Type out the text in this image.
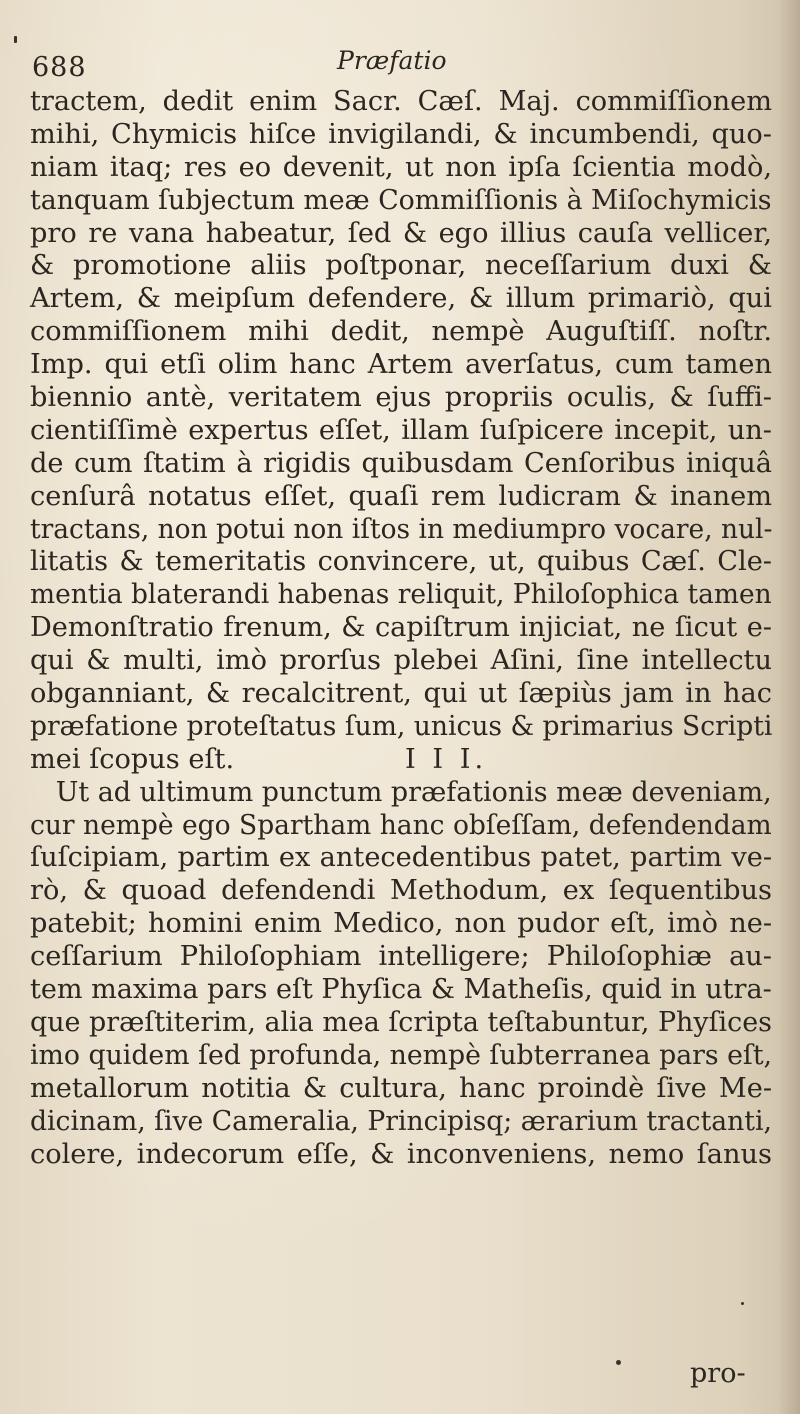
688	Præfatio
tractem, dedit enim Sacr. Cæſ. Maj. commiſſionem
mihi, Chymicis hiſce invigilandi, & incumbendi, quo-
niam itaq; res eo devenit, ut non ipſa ſcientia modò,
tanquam ſubjectum meæ Commiſſionis à Miſochymicis
pro re vana habeatur, ſed & ego illius cauſa vellicer,
& promotione aliis poſtponar, neceſſarium duxi &
Artem, & meipſum defendere, & illum primariò, qui
commiſſionem mihi dedit, nempè Auguſtiſſ. noſtr.
Imp. qui etſi olim hanc Artem averſatus, cum tamen
biennio antè, veritatem ejus propriis oculis, & ſuffi-
cientiſſimè expertus eſſet, illam ſuſpicere incepit, un-
de cum ſtatim à rigidis quibusdam Cenſoribus iniquâ
cenſurâ notatus eſſet, quaſi rem ludicram & inanem
tractans, non potui non iſtos in mediumpro vocare, nul-
litatis & temeritatis convincere, ut, quibus Cæſ. Cle-
mentia blaterandi habenas reliquit, Philoſophica tamen
Demonſtratio frenum, & capiſtrum injiciat, ne ſicut e-
qui & multi, imò prorſus plebei Aſini, ſine intellectu
obganniant, & recalcitrent, qui ut ſæpiùs jam in hac
præfatione proteſtatus ſum, unicus & primarius Scripti
mei ſcopus eſt.	I I I.
Ut ad ultimum punctum præfationis meæ deveniam,
cur nempè ego Spartham hanc obſeſſam, defendendam
ſuſcipiam, partim ex antecedentibus patet, partim ve-
rò, & quoad defendendi Methodum, ex ſequentibus
patebit; homini enim Medico, non pudor eſt, imò ne-
ceſſarium Philoſophiam intelligere; Philoſophiæ au-
tem maxima pars eſt Phyſica & Matheſis, quid in utra-
que præſtiterim, alia mea ſcripta teſtabuntur, Phyſices
imo quidem ſed profunda, nempè ſubterranea pars eſt,
metallorum notitia & cultura, hanc proindè ſive Me-
dicinam, ſive Cameralia, Principisq; ærarium tractanti,
colere, indecorum eſſe, & inconveniens, nemo ſanus
pro-
